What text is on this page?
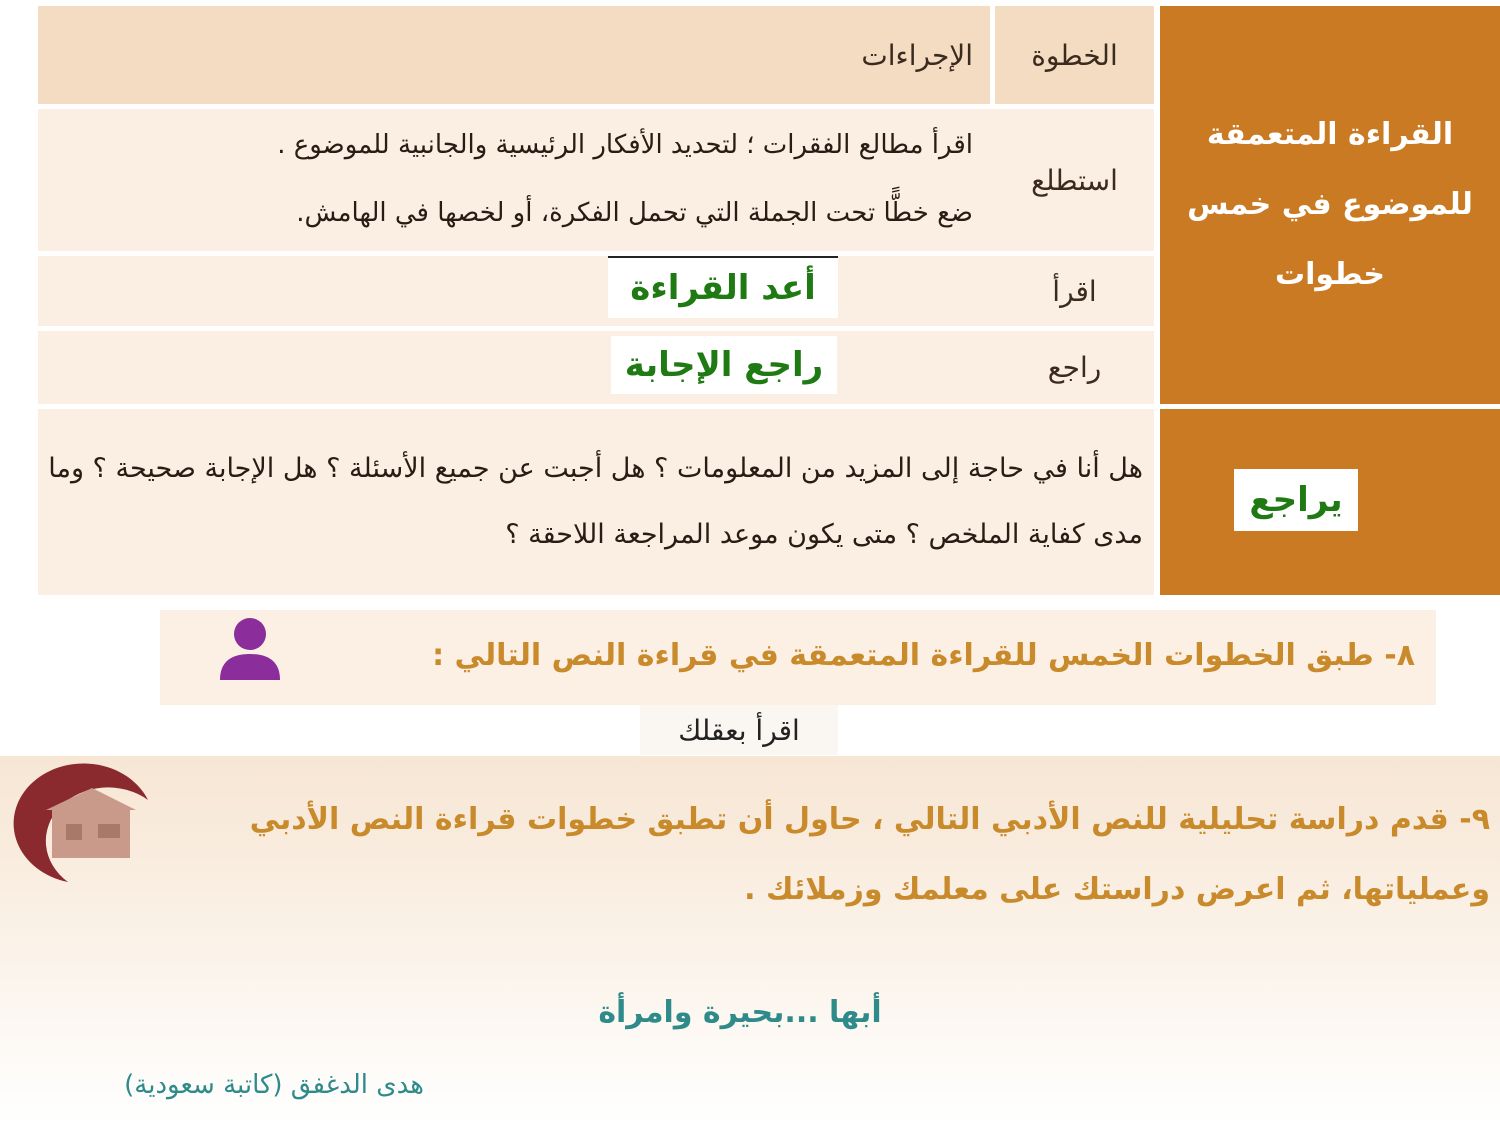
القراءة المتعمقة للموضوع في خمس خطوات
الخطوة
الإجراءات
استطلع
اقرأ مطالع الفقرات ؛ لتحديد الأفكار الرئيسية والجانبية للموضوع .
ضع خطًّا تحت الجملة التي تحمل الفكرة، أو لخصها ﻓﻲ الهامش.
اقرأ
أعد القراءة
راجع
راجع الإجابة
يراجع
هل أنا ﻓﻲ حاجة إلى المزيد من المعلومات ؟ هل أجبت عن جميع الأسئلة ؟ هل الإجابة صحيحة ؟ وما مدى كفاية الملخص ؟ متى يكون موعد المراجعة اللاحقة ؟
٨- طبق الخطوات الخمس للقراءة المتعمقة ﻓﻲ قراءة النص التالي :
اقرأ بعقلك
٩- قدم دراسة تحليلية للنص الأدبي التالي ، حاول أن تطبق خطوات قراءة النص الأدبي
وعملياتها، ثم اعرض دراستك على معلمك وزملائك .
أبها ...بحيرة وامرأة
هدى الدغفق (كاتبة سعودية)
